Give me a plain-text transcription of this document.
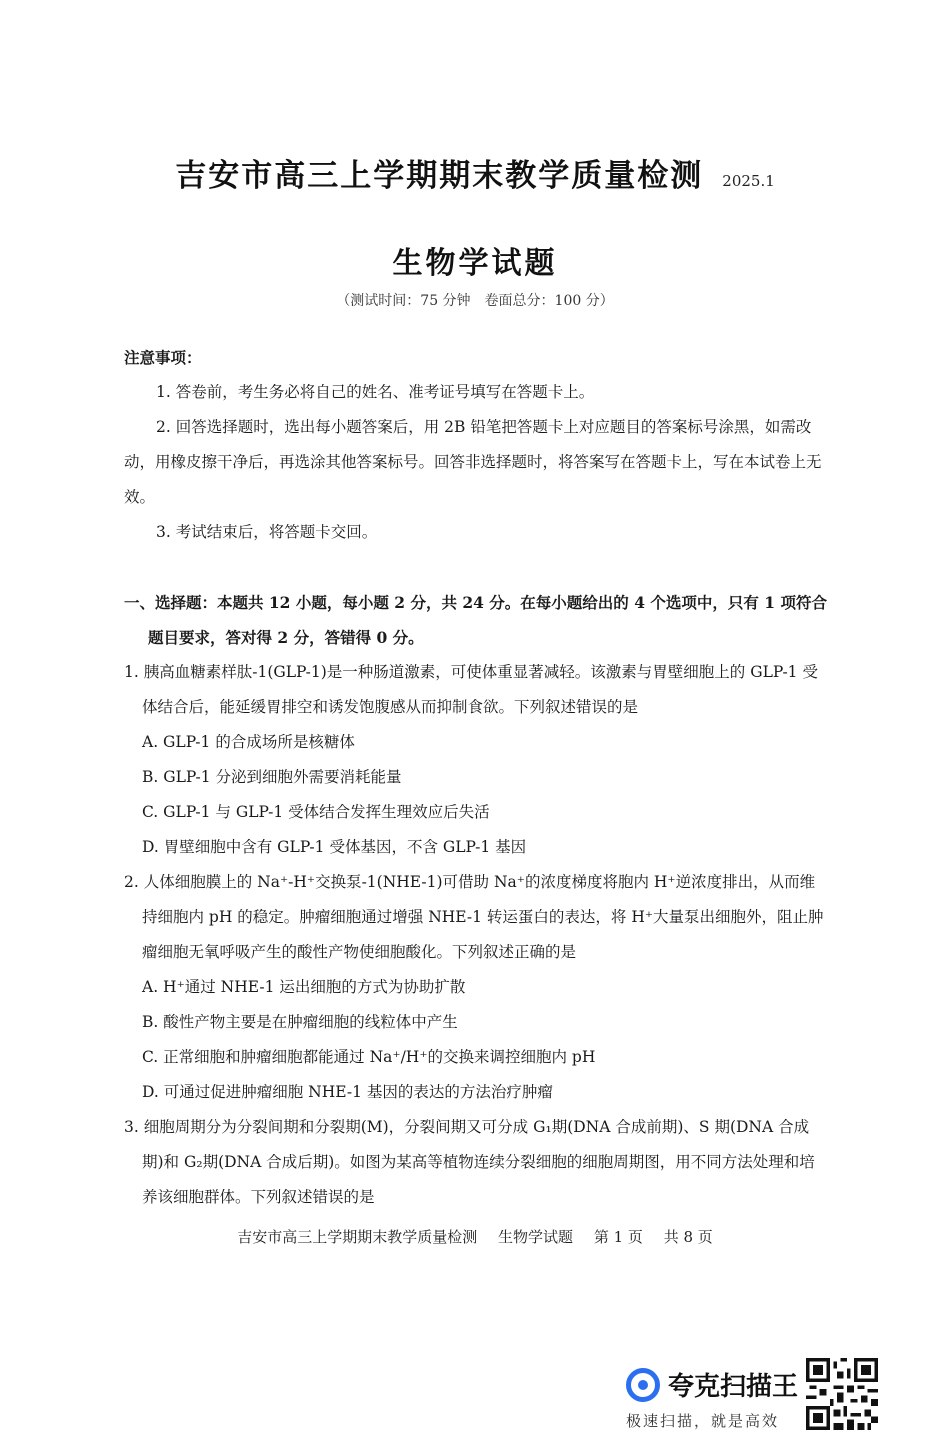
吉安市高三上学期期末教学质量检测 2025.1
生物学试题
（测试时间：75 分钟　卷面总分：100 分）
注意事项：

1. 答卷前，考生务必将自己的姓名、准考证号填写在答题卡上。

2. 回答选择题时，选出每小题答案后，用 2B 铅笔把答题卡上对应题目的答案标号涂黑，如需改动，用橡皮擦干净后，再选涂其他答案标号。回答非选择题时，将答案写在答题卡上，写在本试卷上无效。

3. 考试结束后，将答题卡交回。

一、选择题：本题共 12 小题，每小题 2 分，共 24 分。在每小题给出的 4 个选项中，只有 1 项符合题目要求，答对得 2 分，答错得 0 分。

1. 胰高血糖素样肽-1(GLP-1)是一种肠道激素，可使体重显著减轻。该激素与胃壁细胞上的 GLP-1 受体结合后，能延缓胃排空和诱发饱腹感从而抑制食欲。下列叙述错误的是

A. GLP-1 的合成场所是核糖体

B. GLP-1 分泌到细胞外需要消耗能量

C. GLP-1 与 GLP-1 受体结合发挥生理效应后失活

D. 胃壁细胞中含有 GLP-1 受体基因，不含 GLP-1 基因

2. 人体细胞膜上的 Na⁺-H⁺交换泵-1(NHE-1)可借助 Na⁺的浓度梯度将胞内 H⁺逆浓度排出，从而维持细胞内 pH 的稳定。肿瘤细胞通过增强 NHE-1 转运蛋白的表达，将 H⁺大量泵出细胞外，阻止肿瘤细胞无氧呼吸产生的酸性产物使细胞酸化。下列叙述正确的是

A. H⁺通过 NHE-1 运出细胞的方式为协助扩散

B. 酸性产物主要是在肿瘤细胞的线粒体中产生

C. 正常细胞和肿瘤细胞都能通过 Na⁺/H⁺的交换来调控细胞内 pH

D. 可通过促进肿瘤细胞 NHE-1 基因的表达的方法治疗肿瘤

3. 细胞周期分为分裂间期和分裂期(M)，分裂间期又可分成 G₁期(DNA 合成前期)、S 期(DNA 合成期)和 G₂期(DNA 合成后期)。如图为某高等植物连续分裂细胞的细胞周期图，用不同方法处理和培养该细胞群体。下列叙述错误的是

吉安市高三上学期期末教学质量检测 生物学试题 第 1 页 共 8 页
夸克扫描王
极速扫描，就是高效
